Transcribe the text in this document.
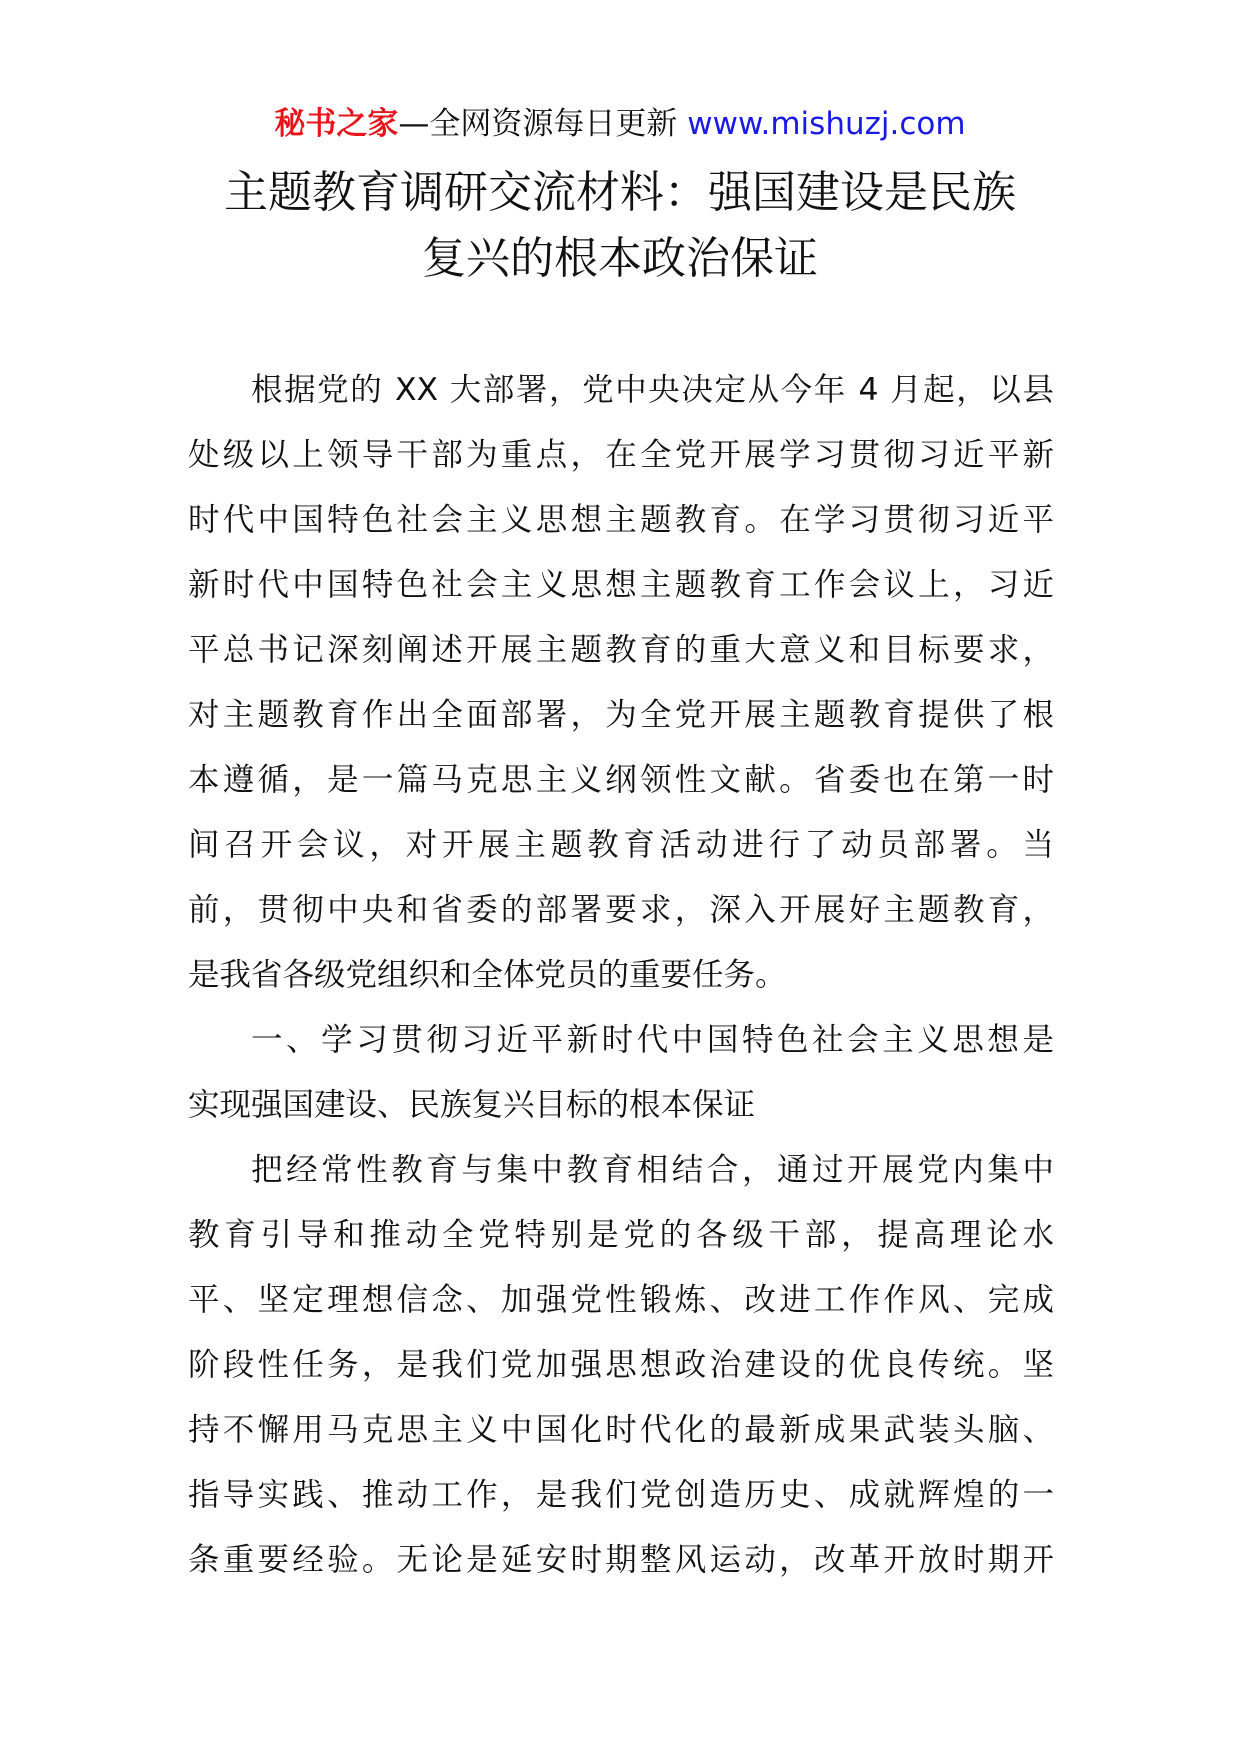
秘书之家—全网资源每日更新 www.mishuzj.com
主题教育调研交流材料：强国建设是民族
复兴的根本政治保证

根据党的 XX 大部署，党中央决定从今年 4 月起，以县
处级以上领导干部为重点，在全党开展学习贯彻习近平新
时代中国特色社会主义思想主题教育。在学习贯彻习近平
新时代中国特色社会主义思想主题教育工作会议上，习近
平总书记深刻阐述开展主题教育的重大意义和目标要求，
对主题教育作出全面部署，为全党开展主题教育提供了根
本遵循，是一篇马克思主义纲领性文献。省委也在第一时
间召开会议，对开展主题教育活动进行了动员部署。当
前，贯彻中央和省委的部署要求，深入开展好主题教育，
是我省各级党组织和全体党员的重要任务。

一、学习贯彻习近平新时代中国特色社会主义思想是
实现强国建设、民族复兴目标的根本保证

把经常性教育与集中教育相结合，通过开展党内集中
教育引导和推动全党特别是党的各级干部，提高理论水
平、坚定理想信念、加强党性锻炼、改进工作作风、完成
阶段性任务，是我们党加强思想政治建设的优良传统。坚
持不懈用马克思主义中国化时代化的最新成果武装头脑、
指导实践、推动工作，是我们党创造历史、成就辉煌的一
条重要经验。无论是延安时期整风运动，改革开放时期开
